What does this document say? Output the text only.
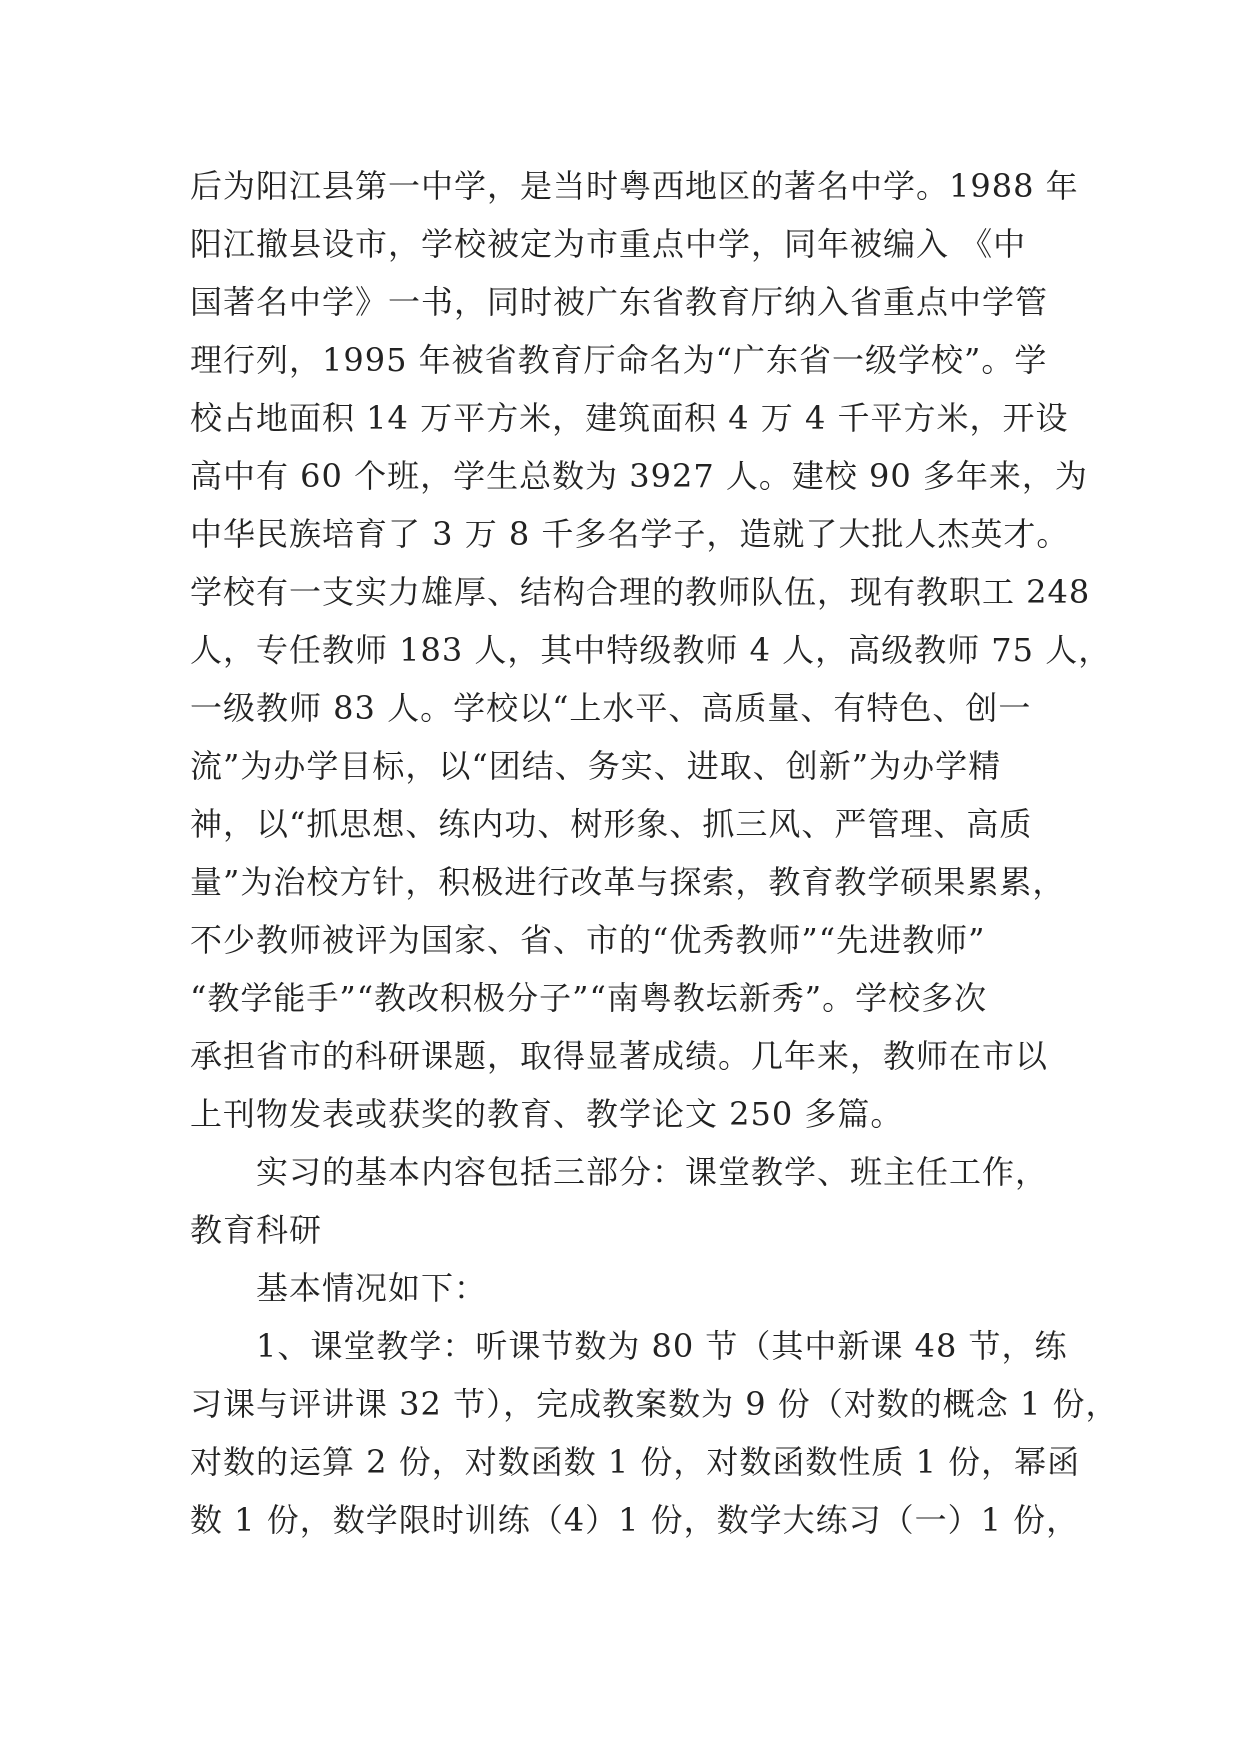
后为阳江县第一中学，是当时粤西地区的著名中学。1988 年
阳江撤县设市，学校被定为市重点中学，同年被编入 《中
国著名中学》一书，同时被广东省教育厅纳入省重点中学管
理行列，1995 年被省教育厅命名为“广东省一级学校”。学
校占地面积 14 万平方米，建筑面积 4 万 4 千平方米，开设
高中有 60 个班，学生总数为 3927 人。建校 90 多年来，为
中华民族培育了 3 万 8 千多名学子，造就了大批人杰英才。
学校有一支实力雄厚、结构合理的教师队伍，现有教职工 248
人，专任教师 183 人，其中特级教师 4 人，高级教师 75 人，
一级教师 83 人。学校以“上水平、高质量、有特色、创一
流”为办学目标，以“团结、务实、进取、创新”为办学精
神，以“抓思想、练内功、树形象、抓三风、严管理、高质
量”为治校方针，积极进行改革与探索，教育教学硕果累累，
不少教师被评为国家、省、市的“优秀教师”“先进教师”
“教学能手”“教改积极分子”“南粤教坛新秀”。学校多次
承担省市的科研课题，取得显著成绩。几年来，教师在市以
上刊物发表或获奖的教育、教学论文 250 多篇。
实习的基本内容包括三部分：课堂教学、班主任工作，
教育科研
基本情况如下：
1、课堂教学：听课节数为 80 节（其中新课 48 节，练
习课与评讲课 32 节），完成教案数为 9 份（对数的概念 1 份，
对数的运算 2 份，对数函数 1 份，对数函数性质 1 份，幂函
数 1 份，数学限时训练（4）1 份，数学大练习（一）1 份，
